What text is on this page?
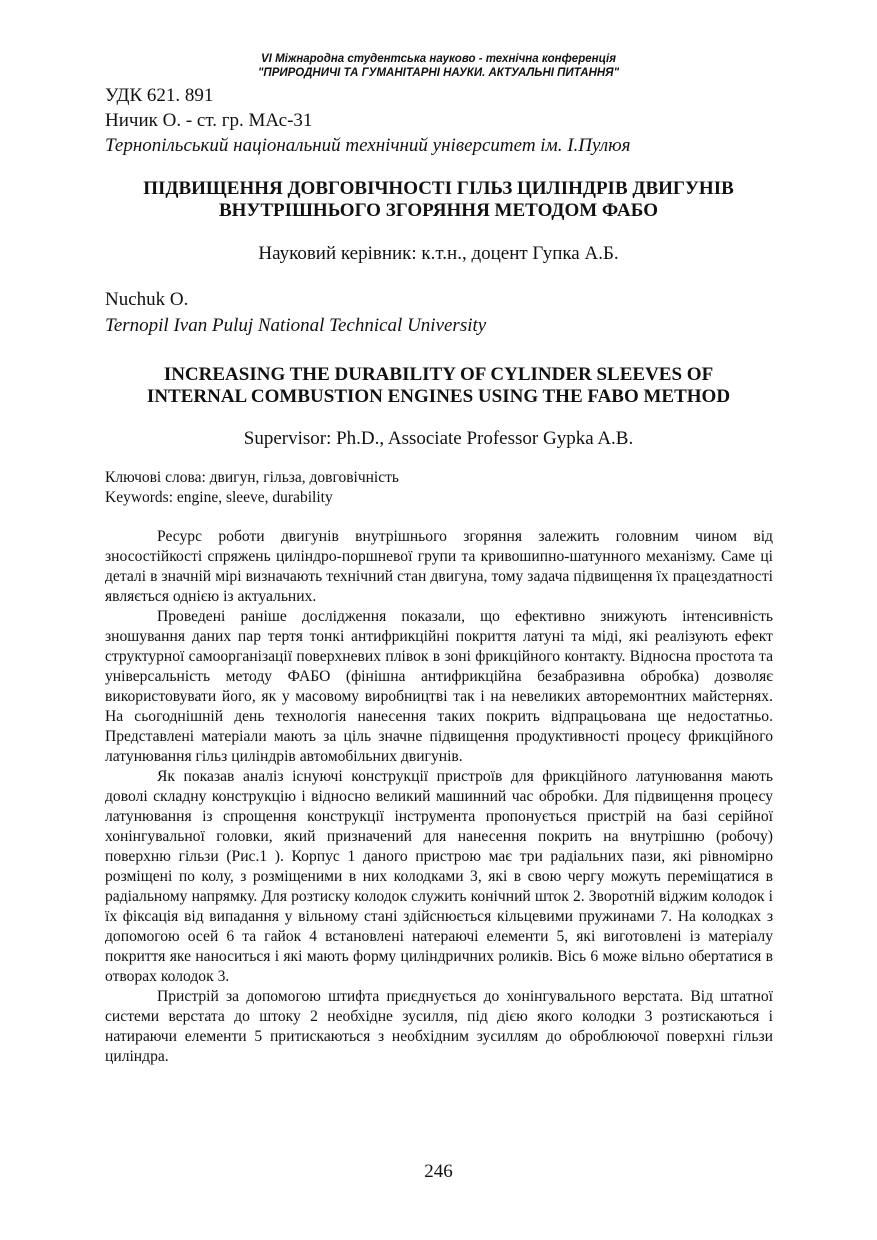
VI Міжнародна студентська науково - технічна конференція
"ПРИРОДНИЧІ ТА ГУМАНІТАРНІ НАУКИ. АКТУАЛЬНІ ПИТАННЯ"
УДК 621. 891
Ничик О. - ст. гр. МАс-31
Тернопільський національний технічний університет ім. І.Пулюя
ПІДВИЩЕННЯ ДОВГОВІЧНОСТІ ГІЛЬЗ ЦИЛІНДРІВ ДВИГУНІВ
ВНУТРІШНЬОГО ЗГОРЯННЯ МЕТОДОМ ФАБО
Науковий керівник: к.т.н., доцент Гупка А.Б.
Nuchuk O.
Ternopil Ivan Puluj National Technical University
INCREASING THE DURABILITY OF CYLINDER SLEEVES OF
INTERNAL COMBUSTION ENGINES USING THE FABO METHOD
Supervisor: Ph.D., Associate Professor Gypka A.B.
Ключові слова: двигун, гільза, довговічність
Keywords: engine, sleeve, durability

Ресурс роботи двигунів внутрішнього згоряння залежить головним чином від зносостійкості спряжень циліндро-поршневої групи та кривошипно-шатунного механізму. Саме ці деталі в значній мірі визначають технічний стан двигуна, тому задача підвищення їх працездатності являється однією із актуальних.

Проведені раніше дослідження показали, що ефективно знижують інтенсивність зношування даних пар тертя тонкі антифрикційні покриття латуні та міді, які реалізують ефект структурної самоорганізації поверхневих плівок в зоні фрикційного контакту. Відносна простота та універсальність методу ФАБО (фінішна антифрикційна безабразивна обробка) дозволяє використовувати його, як у масовому виробництві так і на невеликих авторемонтних майстернях. На сьогоднішній день технологія нанесення таких покрить відпрацьована ще недостатньо. Представлені матеріали мають за ціль значне підвищення продуктивності процесу фрикційного латунювання гільз циліндрів автомобільних двигунів.

Як показав аналіз існуючі конструкції пристроїв для фрикційного латунювання мають доволі складну конструкцію і відносно великий машинний час обробки. Для підвищення процесу латунювання із спрощення конструкції інструмента пропонується пристрій на базі серійної хонінгувальної головки, який призначений для нанесення покрить на внутрішню (робочу) поверхню гільзи (Рис.1 ). Корпус 1 даного пристрою має три радіальних пази, які рівномірно розміщені по колу, з розміщеними в них колодками 3, які в свою чергу можуть переміщатися в радіальному напрямку. Для розтиску колодок служить конічний шток 2. Зворотній віджим колодок і їх фіксація від випадання у вільному стані здійснюється кільцевими пружинами 7. На колодках з допомогою осей 6 та гайок 4 встановлені натераючі елементи 5, які виготовлені із матеріалу покриття яке наноситься і які мають форму циліндричних роликів. Вісь 6 може вільно обертатися в отворах колодок 3.

Пристрій за допомогою штифта приєднується до хонінгувального верстата. Від штатної системи верстата до штоку 2 необхідне зусилля, під дією якого колодки 3 розтискаються і натираючи елементи 5 притискаються з необхідним зусиллям до оброблюючої поверхні гільзи циліндра.

246
